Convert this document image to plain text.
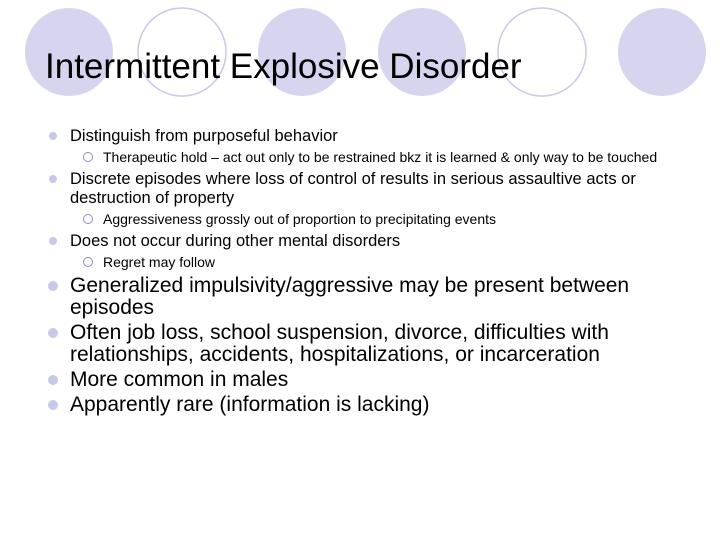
Intermittent Explosive Disorder
Distinguish from purposeful behavior
Therapeutic hold – act out only to be restrained bkz it is learned & only way to be touched
Discrete episodes where loss of control of results in serious assaultive acts or destruction of property
Aggressiveness grossly out of proportion to precipitating events
Does not occur during other mental disorders
Regret may follow
Generalized impulsivity/aggressive may be present between episodes
Often job loss, school suspension, divorce, difficulties with relationships, accidents, hospitalizations, or incarceration
More common in males
Apparently rare (information is lacking)
